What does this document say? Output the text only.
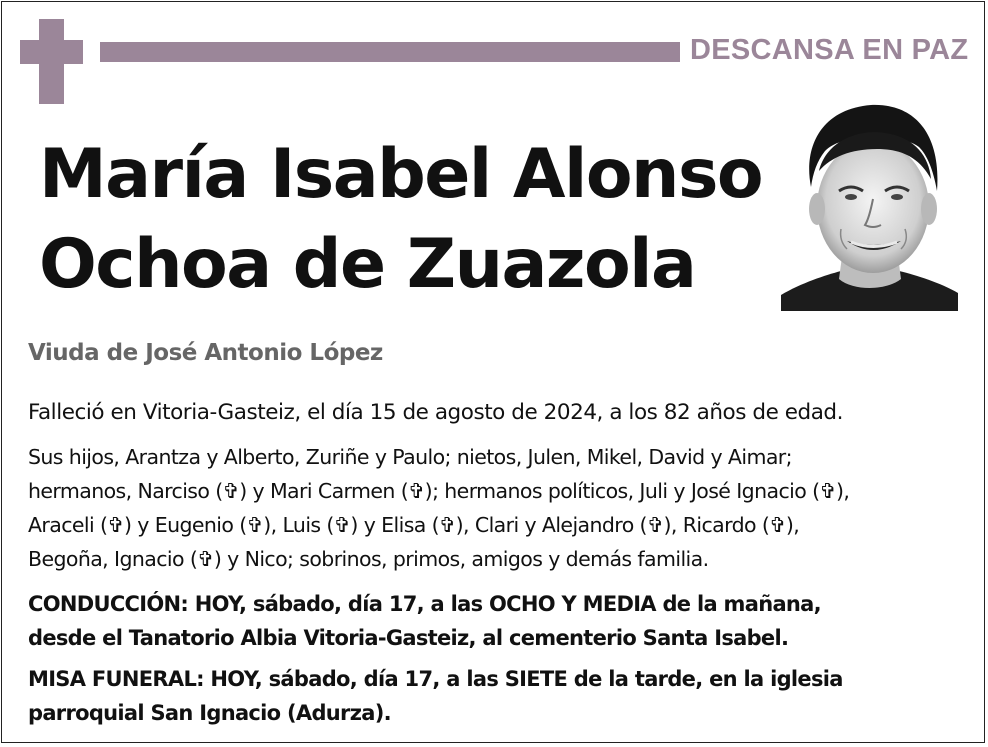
DESCANSA EN PAZ
María Isabel Alonso
Ochoa de Zuazola
Viuda de José Antonio López
Falleció en Vitoria-Gasteiz, el día 15 de agosto de 2024, a los 82 años de edad.
Sus hijos, Arantza y Alberto, Zuriñe y Paulo; nietos, Julen, Mikel, David y Aimar;
hermanos, Narciso (✞) y Mari Carmen (✞); hermanos políticos, Juli y José Ignacio (✞),
Araceli (✞) y Eugenio (✞), Luis (✞) y Elisa (✞), Clari y Alejandro (✞), Ricardo (✞),
Begoña, Ignacio (✞) y Nico; sobrinos, primos, amigos y demás familia.
CONDUCCIÓN: HOY, sábado, día 17, a las OCHO Y MEDIA de la mañana,
desde el Tanatorio Albia Vitoria-Gasteiz, al cementerio Santa Isabel.
MISA FUNERAL: HOY, sábado, día 17, a las SIETE de la tarde, en la iglesia
parroquial San Ignacio (Adurza).
